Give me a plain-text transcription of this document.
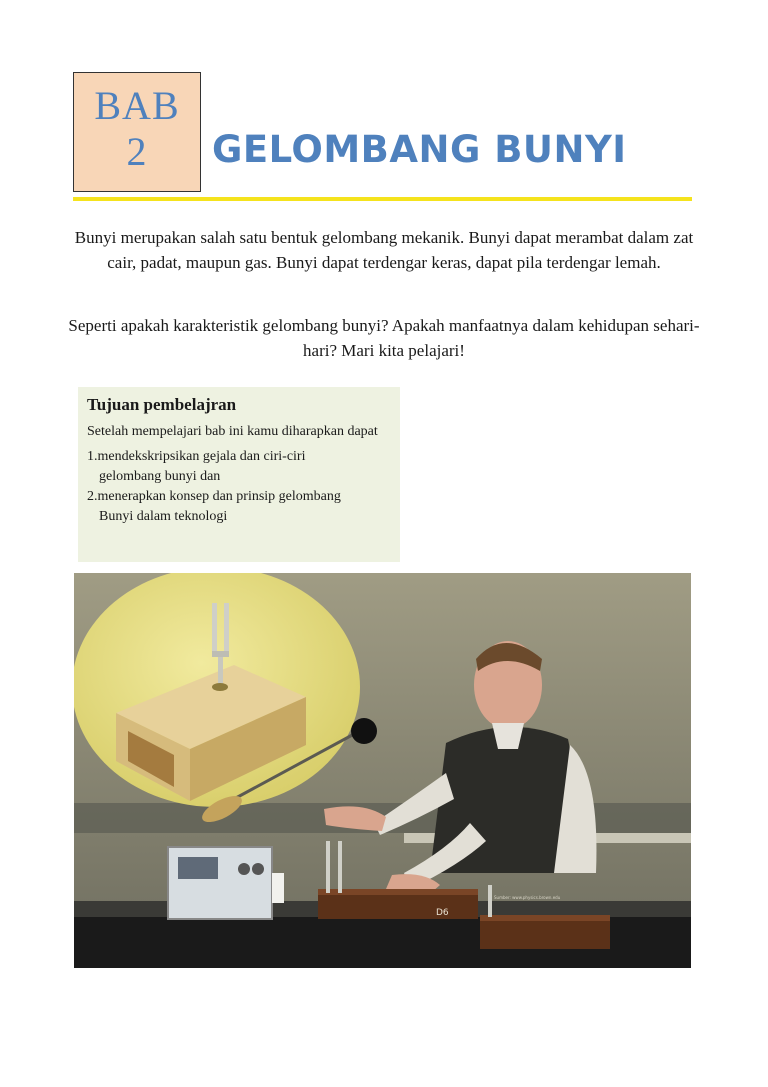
BAB
2	GELOMBANG BUNYI

Bunyi merupakan salah satu bentuk gelombang mekanik. Bunyi dapat merambat dalam zat cair, padat, maupun gas. Bunyi dapat terdengar keras, dapat pila terdengar lemah.

Seperti apakah karakteristik gelombang bunyi? Apakah manfaatnya dalam kehidupan sehari-hari? Mari kita pelajari!

Tujuan pembelajran

Setelah mempelajari bab ini kamu diharapkan dapat

1.mendekskripsikan gejala dan ciri-ciri
gelombang bunyi dan

2.menerapkan konsep dan prinsip gelombang
Bunyi dalam teknologi

D6
Sumber: www.physics.brown.edu
